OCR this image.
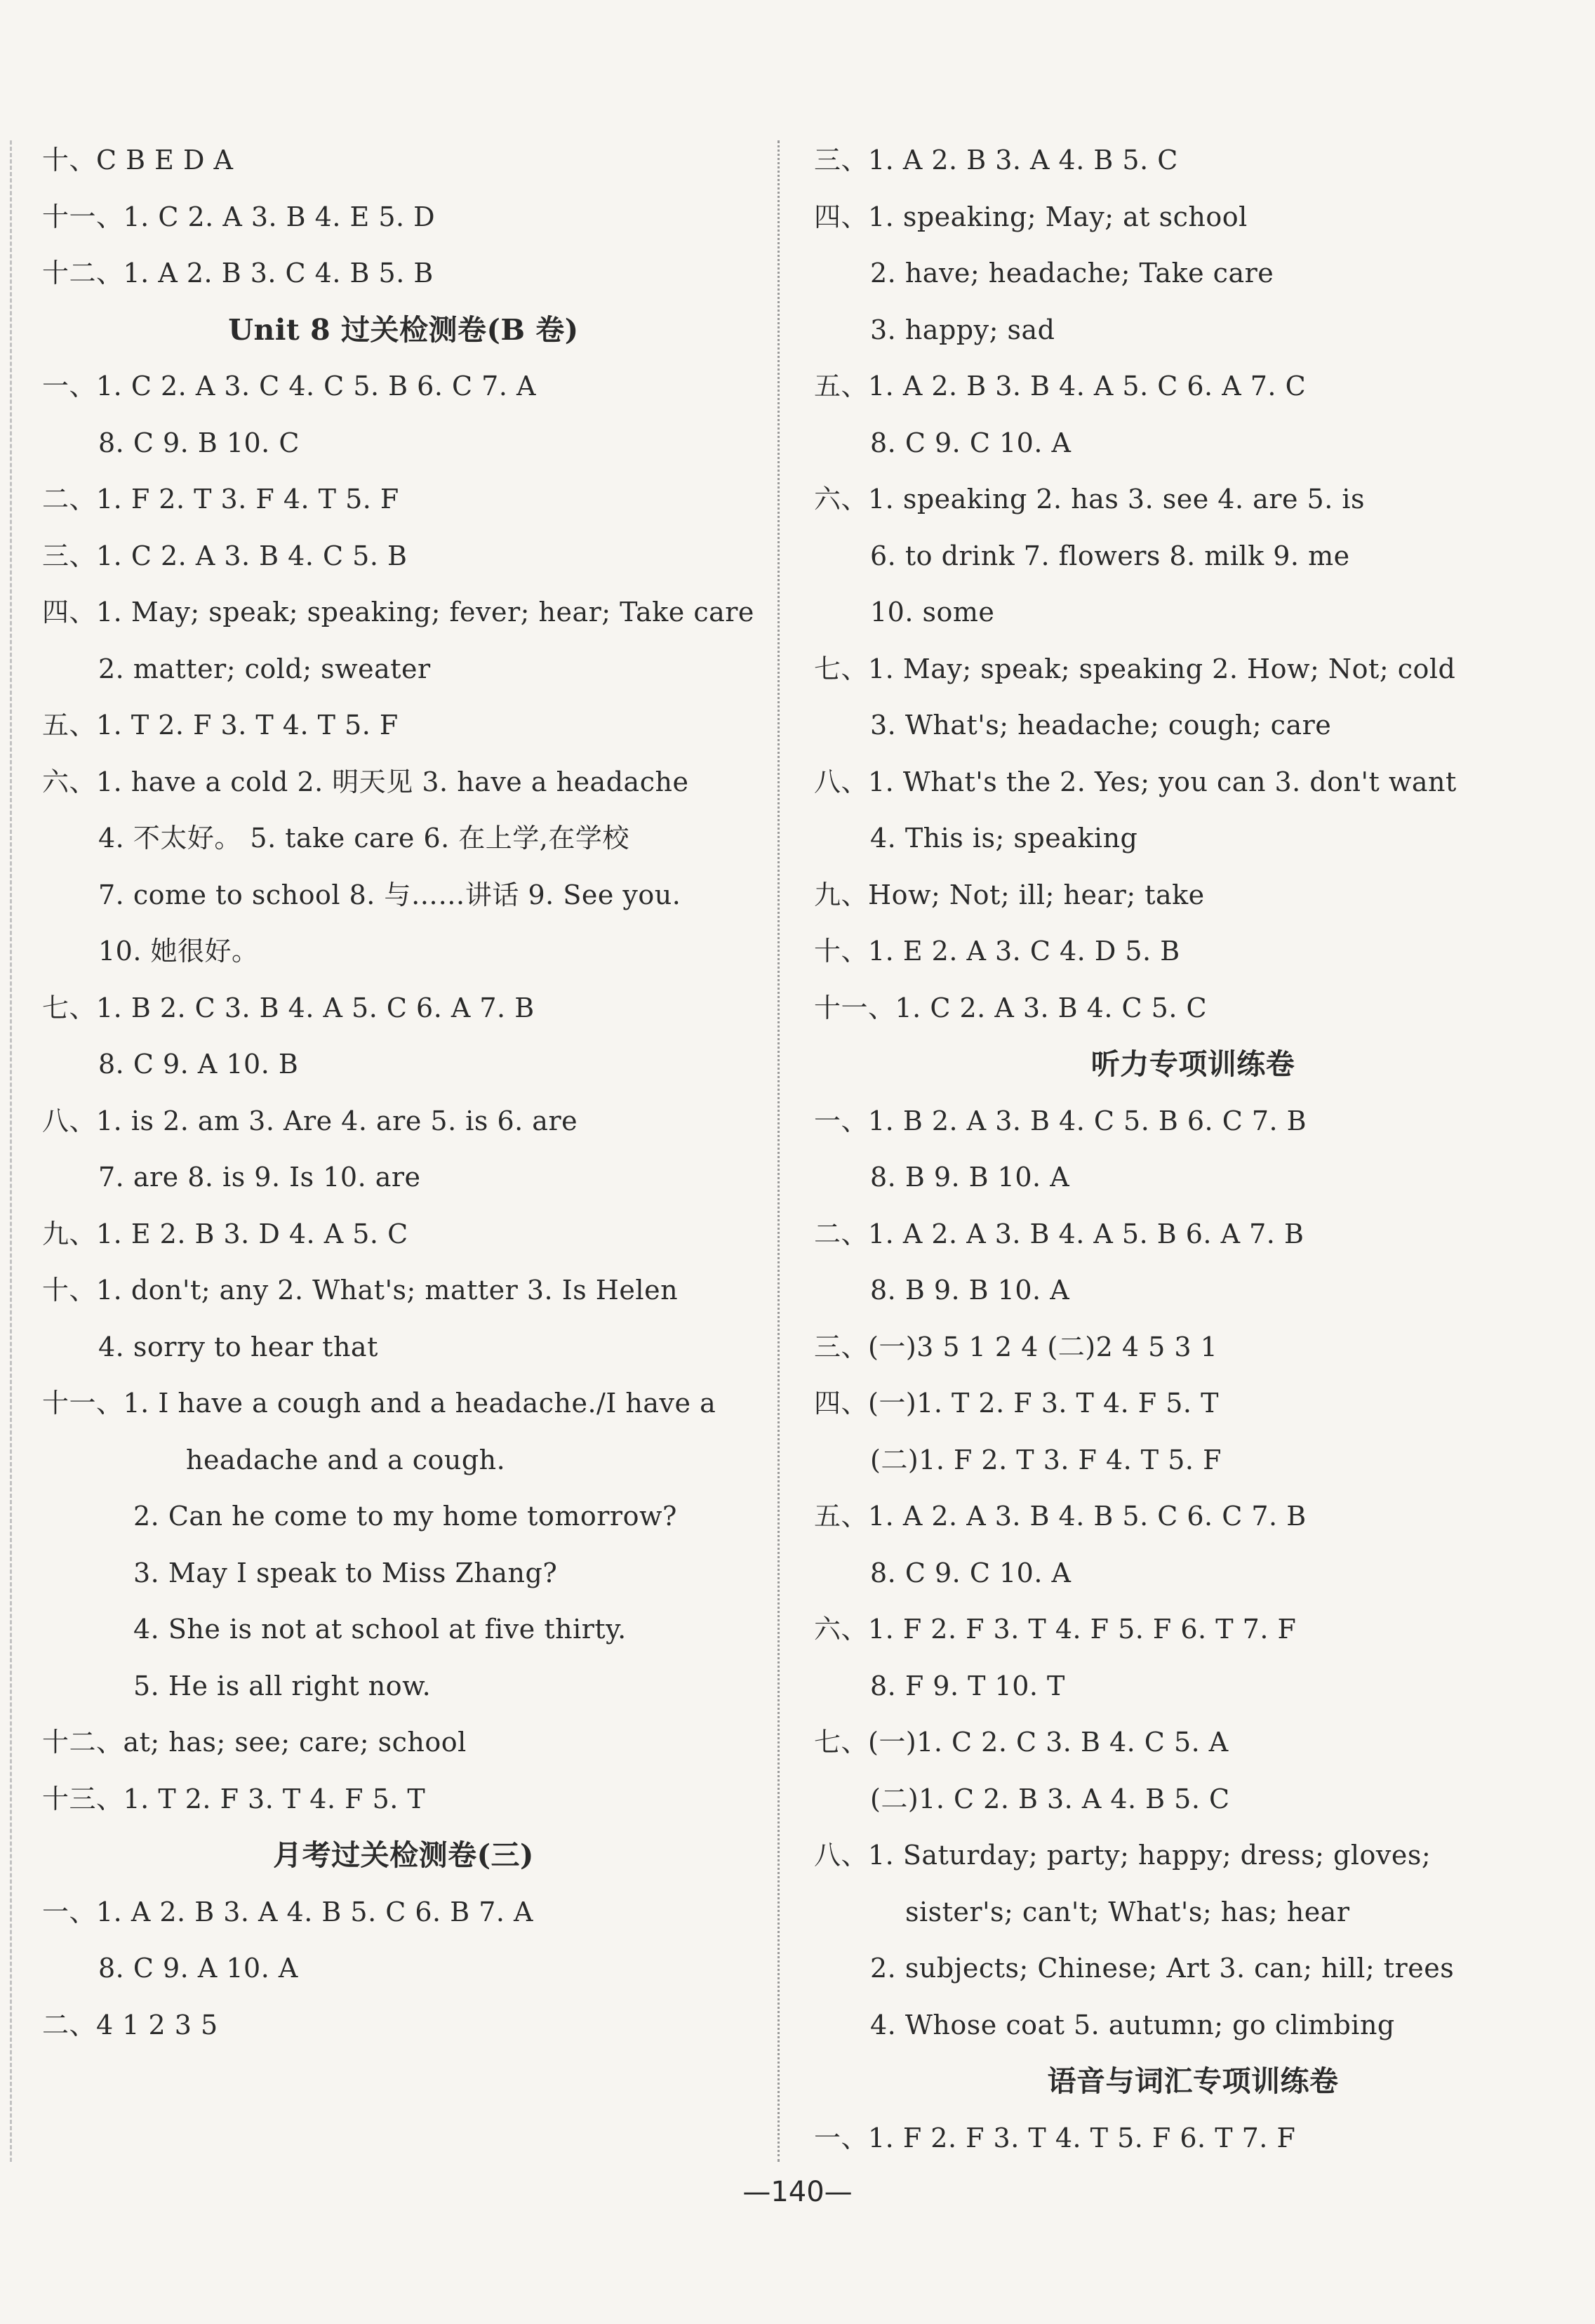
十、C B E D A
十一、1. C 2. A 3. B 4. E 5. D
十二、1. A 2. B 3. C 4. B 5. B
Unit 8 过关检测卷(B 卷)
一、1. C 2. A 3. C 4. C 5. B 6. C 7. A
8. C 9. B 10. C
二、1. F 2. T 3. F 4. T 5. F
三、1. C 2. A 3. B 4. C 5. B
四、1. May; speak; speaking; fever; hear; Take care
2. matter; cold; sweater
五、1. T 2. F 3. T 4. T 5. F
六、1. have a cold 2. 明天见 3. have a headache
4. 不太好。 5. take care 6. 在上学,在学校
7. come to school 8. 与……讲话 9. See you.
10. 她很好。
七、1. B 2. C 3. B 4. A 5. C 6. A 7. B
8. C 9. A 10. B
八、1. is 2. am 3. Are 4. are 5. is 6. are
7. are 8. is 9. Is 10. are
九、1. E 2. B 3. D 4. A 5. C
十、1. don't; any 2. What's; matter 3. Is Helen
4. sorry to hear that
十一、1. I have a cough and a headache./I have a
headache and a cough.
2. Can he come to my home tomorrow?
3. May I speak to Miss Zhang?
4. She is not at school at five thirty.
5. He is all right now.
十二、at; has; see; care; school
十三、1. T 2. F 3. T 4. F 5. T
月考过关检测卷(三)
一、1. A 2. B 3. A 4. B 5. C 6. B 7. A
8. C 9. A 10. A
二、4 1 2 3 5
三、1. A 2. B 3. A 4. B 5. C
四、1. speaking; May; at school
2. have; headache; Take care
3. happy; sad
五、1. A 2. B 3. B 4. A 5. C 6. A 7. C
8. C 9. C 10. A
六、1. speaking 2. has 3. see 4. are 5. is
6. to drink 7. flowers 8. milk 9. me
10. some
七、1. May; speak; speaking 2. How; Not; cold
3. What's; headache; cough; care
八、1. What's the 2. Yes; you can 3. don't want
4. This is; speaking
九、How; Not; ill; hear; take
十、1. E 2. A 3. C 4. D 5. B
十一、1. C 2. A 3. B 4. C 5. C
听力专项训练卷
一、1. B 2. A 3. B 4. C 5. B 6. C 7. B
8. B 9. B 10. A
二、1. A 2. A 3. B 4. A 5. B 6. A 7. B
8. B 9. B 10. A
三、(一)3 5 1 2 4 (二)2 4 5 3 1
四、(一)1. T 2. F 3. T 4. F 5. T
(二)1. F 2. T 3. F 4. T 5. F
五、1. A 2. A 3. B 4. B 5. C 6. C 7. B
8. C 9. C 10. A
六、1. F 2. F 3. T 4. F 5. F 6. T 7. F
8. F 9. T 10. T
七、(一)1. C 2. C 3. B 4. C 5. A
(二)1. C 2. B 3. A 4. B 5. C
八、1. Saturday; party; happy; dress; gloves;
sister's; can't; What's; has; hear
2. subjects; Chinese; Art 3. can; hill; trees
4. Whose coat 5. autumn; go climbing
语音与词汇专项训练卷
一、1. F 2. F 3. T 4. T 5. F 6. T 7. F
—140—
